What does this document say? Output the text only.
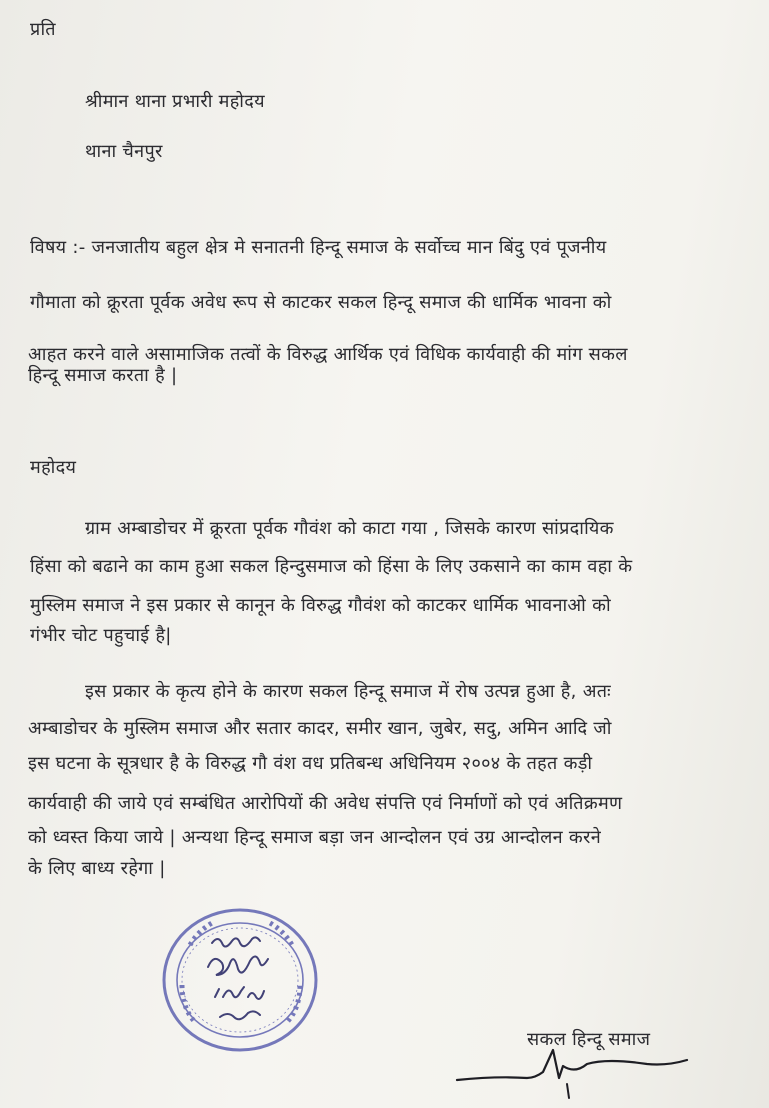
प्रति
श्रीमान थाना प्रभारी महोदय
थाना चैनपुर
विषय :- जनजातीय बहुल क्षेत्र मे सनातनी हिन्दू समाज के सर्वोच्च मान बिंदु एवं पूजनीय
गौमाता को क्रूरता पूर्वक अवेध रूप से काटकर सकल हिन्दू समाज की धार्मिक भावना को
आहत करने वाले असामाजिक तत्वों के विरुद्ध आर्थिक एवं विधिक कार्यवाही की मांग सकल
हिन्दू समाज करता है |
महोदय
ग्राम अम्बाडोचर में क्रूरता पूर्वक गौवंश को काटा गया , जिसके कारण सांप्रदायिक
हिंसा को बढाने का काम हुआ सकल हिन्दुसमाज को हिंसा के लिए उकसाने का काम वहा के
मुस्लिम समाज ने इस प्रकार से कानून के विरुद्ध गौवंश को काटकर धार्मिक भावनाओ को
गंभीर चोट पहुचाई है|
इस प्रकार के कृत्य होने के कारण सकल हिन्दू समाज में रोष उत्पन्न हुआ है, अतः
अम्बाडोचर के मुस्लिम समाज और सतार कादर, समीर खान, जुबेर, सदु, अमिन आदि जो
इस घटना के सूत्रधार है के विरुद्ध गौ वंश वध प्रतिबन्ध अधिनियम २००४ के तहत कड़ी
कार्यवाही की जाये एवं सम्बंधित आरोपियों की अवेध संपत्ति एवं निर्माणों को एवं अतिक्रमण
को ध्वस्त किया जाये | अन्यथा हिन्दू समाज बड़ा जन आन्दोलन एवं उग्र आन्दोलन करने
के लिए बाध्य रहेगा |
सकल हिन्दू समाज
